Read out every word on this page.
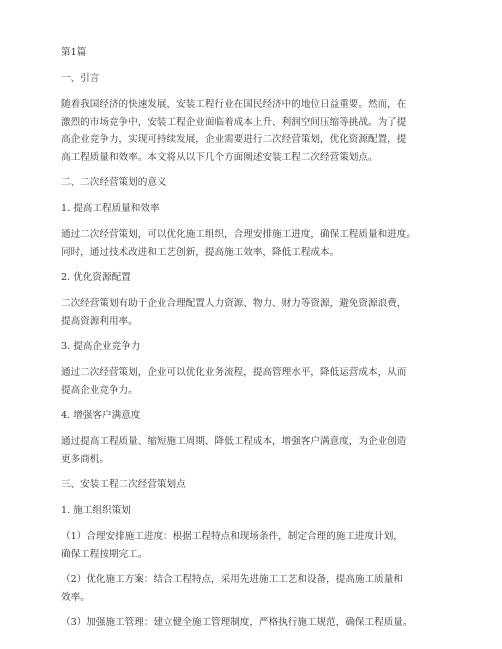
第1篇
一、引言
随着我国经济的快速发展，安装工程行业在国民经济中的地位日益重要。然而，在
激烈的市场竞争中，安装工程企业面临着成本上升、利润空间压缩等挑战。为了提
高企业竞争力，实现可持续发展，企业需要进行二次经营策划，优化资源配置，提
高工程质量和效率。本文将从以下几个方面阐述安装工程二次经营策划点。
二、二次经营策划的意义
1. 提高工程质量和效率
通过二次经营策划，可以优化施工组织，合理安排施工进度，确保工程质量和进度。
同时，通过技术改进和工艺创新，提高施工效率，降低工程成本。
2. 优化资源配置
二次经营策划有助于企业合理配置人力资源、物力、财力等资源，避免资源浪费，
提高资源利用率。
3. 提高企业竞争力
通过二次经营策划，企业可以优化业务流程，提高管理水平，降低运营成本，从而
提高企业竞争力。
4. 增强客户满意度
通过提高工程质量、缩短施工周期、降低工程成本，增强客户满意度，为企业创造
更多商机。
三、安装工程二次经营策划点
1. 施工组织策划
（1）合理安排施工进度：根据工程特点和现场条件，制定合理的施工进度计划，
确保工程按期完工。
（2）优化施工方案：结合工程特点，采用先进施工工艺和设备，提高施工质量和
效率。
（3）加强施工管理：建立健全施工管理制度，严格执行施工规范，确保工程质量。
